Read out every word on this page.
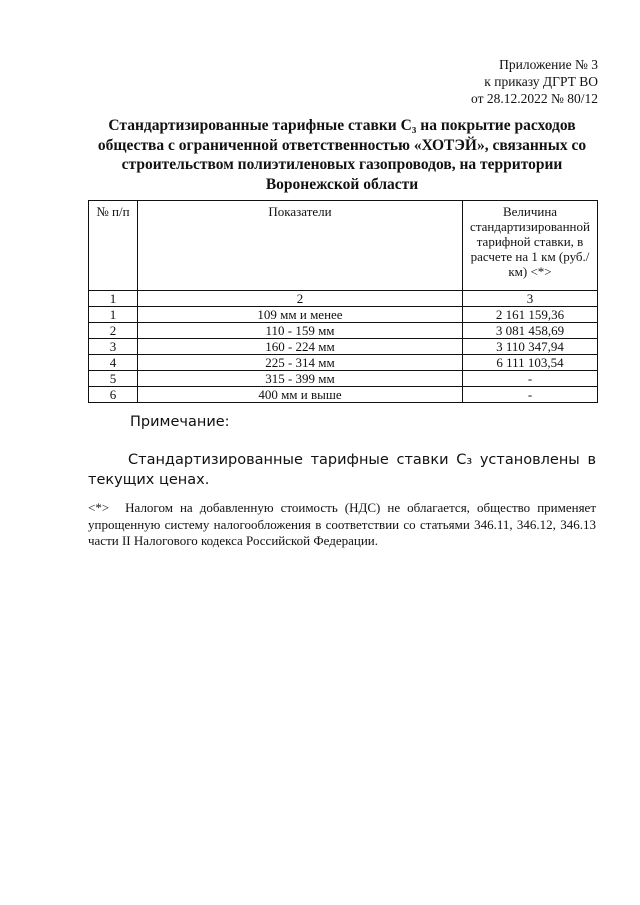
Приложение № 3
к приказу ДГРТ ВО
от 28.12.2022 № 80/12
Стандартизированные тарифные ставки С₃ на покрытие расходов
общества с ограниченной ответственностью «ХОТЭЙ», связанных со
строительством полиэтиленовых газопроводов, на территории
Воронежской области
№ п/п	Показатели	Величина стандартизированной тарифной ставки, в расчете на 1 км (руб./км) <*>
1	2	3
1	109 мм и менее	2 161 159,36
2	110 - 159 мм	3 081 458,69
3	160 - 224 мм	3 110 347,94
4	225 - 314 мм	6 111 103,54
5	315 - 399 мм	-
6	400 мм и выше	-
Примечание:
Стандартизированные тарифные ставки С₃ установлены в текущих ценах.
<*> Налогом на добавленную стоимость (НДС) не облагается, общество применяет упрощенную систему налогообложения в соответствии со статьями 346.11, 346.12, 346.13 части II Налогового кодекса Российской Федерации.
